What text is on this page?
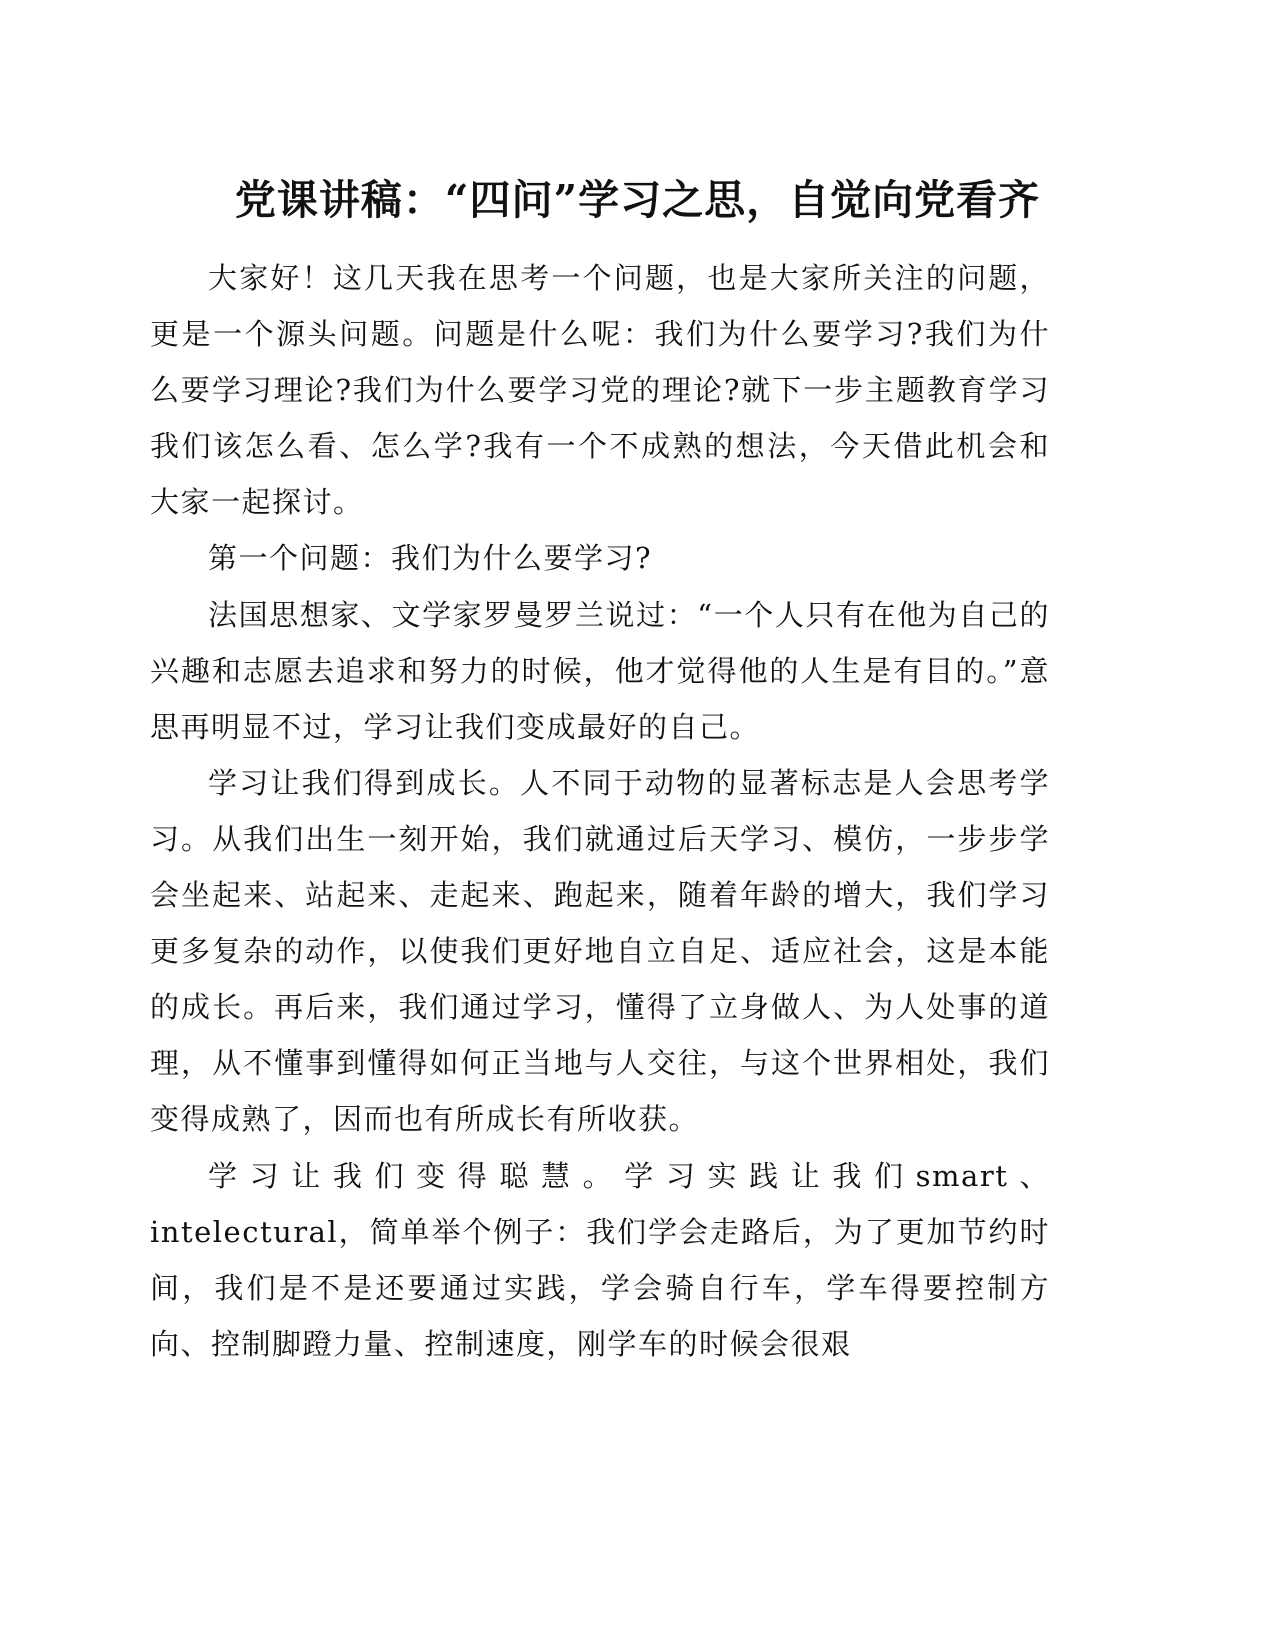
党课讲稿：“四问”学习之思，自觉向党看齐

大家好！这几天我在思考一个问题，也是大家所关注的问题，更是一个源头问题。问题是什么呢：我们为什么要学习?我们为什么要学习理论?我们为什么要学习党的理论?就下一步主题教育学习我们该怎么看、怎么学?我有一个不成熟的想法，今天借此机会和大家一起探讨。

第一个问题：我们为什么要学习?

法国思想家、文学家罗曼罗兰说过：“一个人只有在他为自己的兴趣和志愿去追求和努力的时候，他才觉得他的人生是有目的。”意思再明显不过，学习让我们变成最好的自己。

学习让我们得到成长。人不同于动物的显著标志是人会思考学习。从我们出生一刻开始，我们就通过后天学习、模仿，一步步学会坐起来、站起来、走起来、跑起来，随着年龄的增大，我们学习更多复杂的动作，以使我们更好地自立自足、适应社会，这是本能的成长。再后来，我们通过学习，懂得了立身做人、为人处事的道理，从不懂事到懂得如何正当地与人交往，与这个世界相处，我们变得成熟了，因而也有所成长有所收获。

学习让我们变得聪慧。学习实践让我们smart、intelectural，简单举个例子：我们学会走路后，为了更加节约时间，我们是不是还要通过实践，学会骑自行车，学车得要控制方向、控制脚蹬力量、控制速度，刚学车的时候会很艰
